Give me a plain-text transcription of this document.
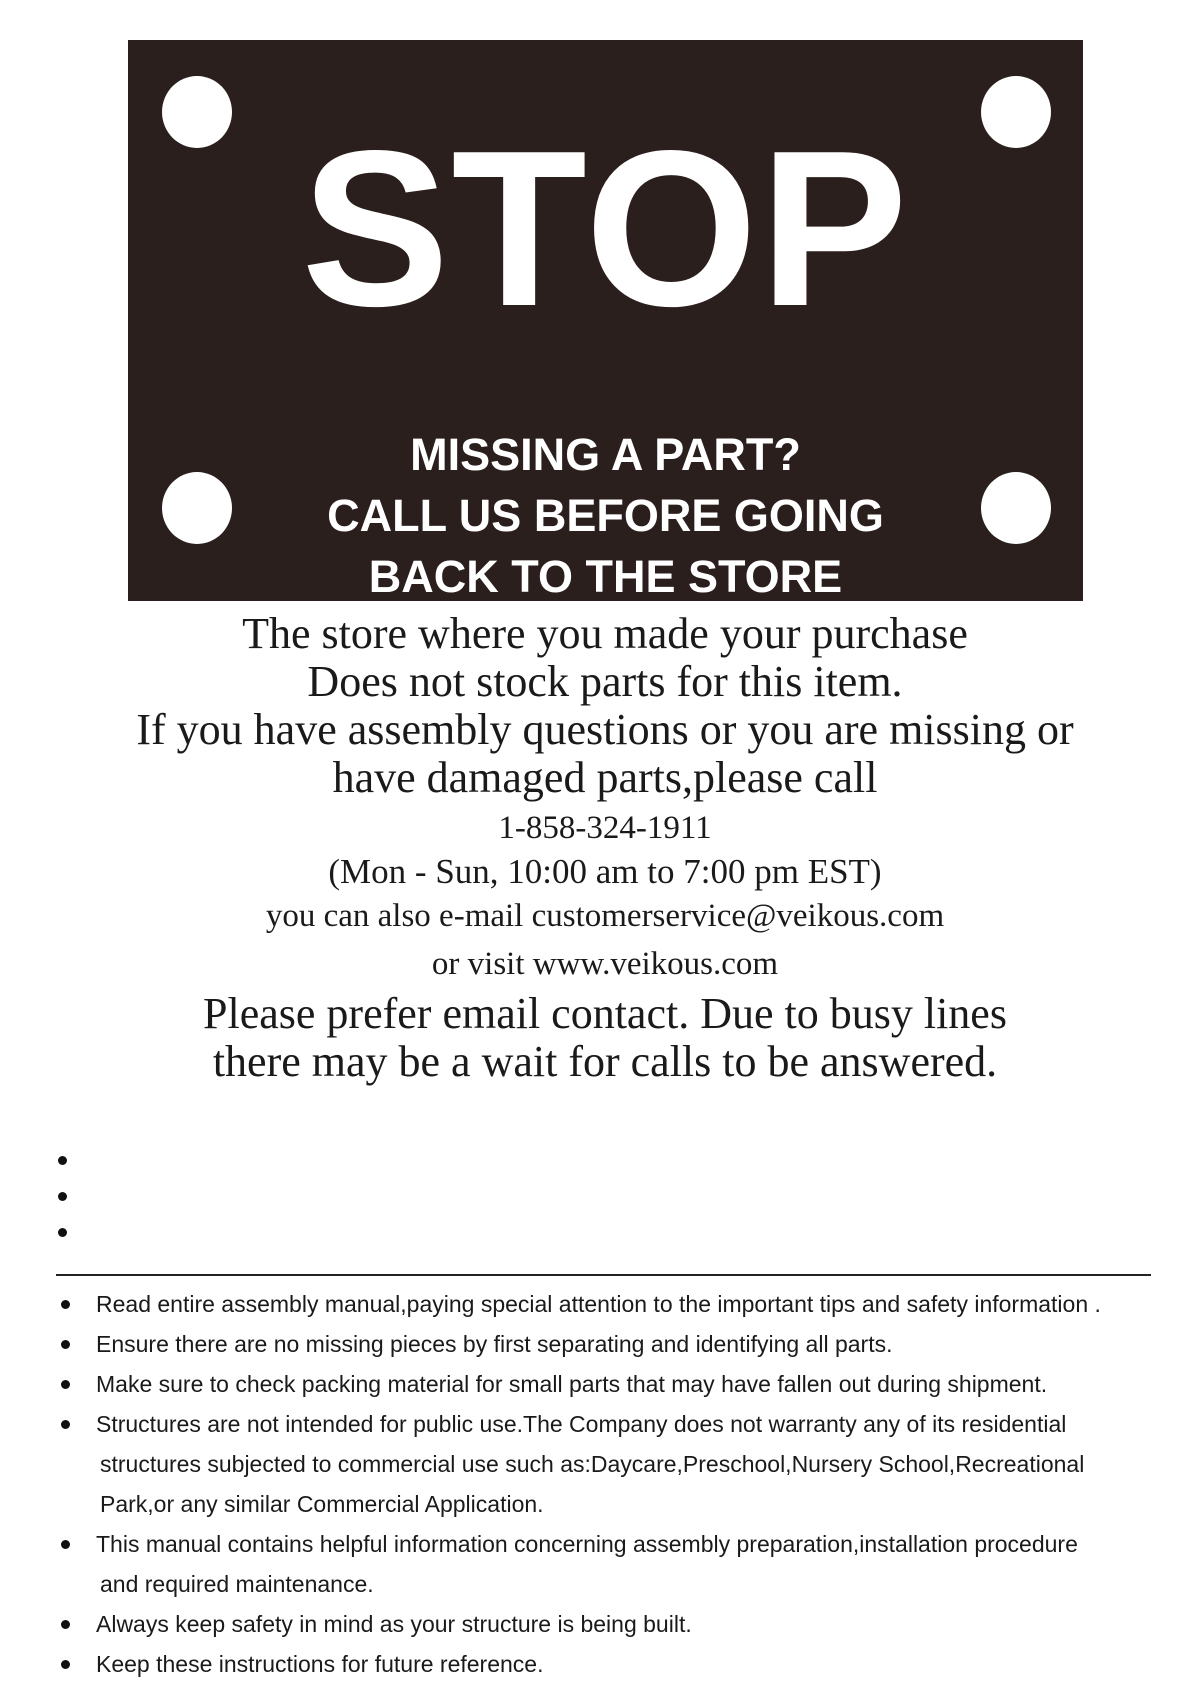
STOP
MISSING A PART?
CALL US BEFORE GOING
BACK TO THE STORE
The store where you made your purchase
Does not stock parts for this item.
If you have assembly questions or you are missing or
have damaged parts,please call
1-858-324-1911
(Mon - Sun, 10:00 am to 7:00 pm EST)
you can also e-mail customerservice@veikous.com
or visit www.veikous.com
Please prefer email contact. Due to busy lines
there may be a wait for calls to be answered.
Read entire assembly manual,paying special attention to the important tips and safety information .
Ensure there are no missing pieces by first separating and identifying all parts.
Make sure to check packing material for small parts that may have fallen out during shipment.
Structures are not intended for public use.The Company does not warranty any of its residential
structures subjected to commercial use such as:Daycare,Preschool,Nursery School,Recreational
Park,or any similar Commercial Application.
This manual contains helpful information concerning assembly preparation,installation procedure
and required maintenance.
Always keep safety in mind as your structure is being built.
Keep these instructions for future reference.
